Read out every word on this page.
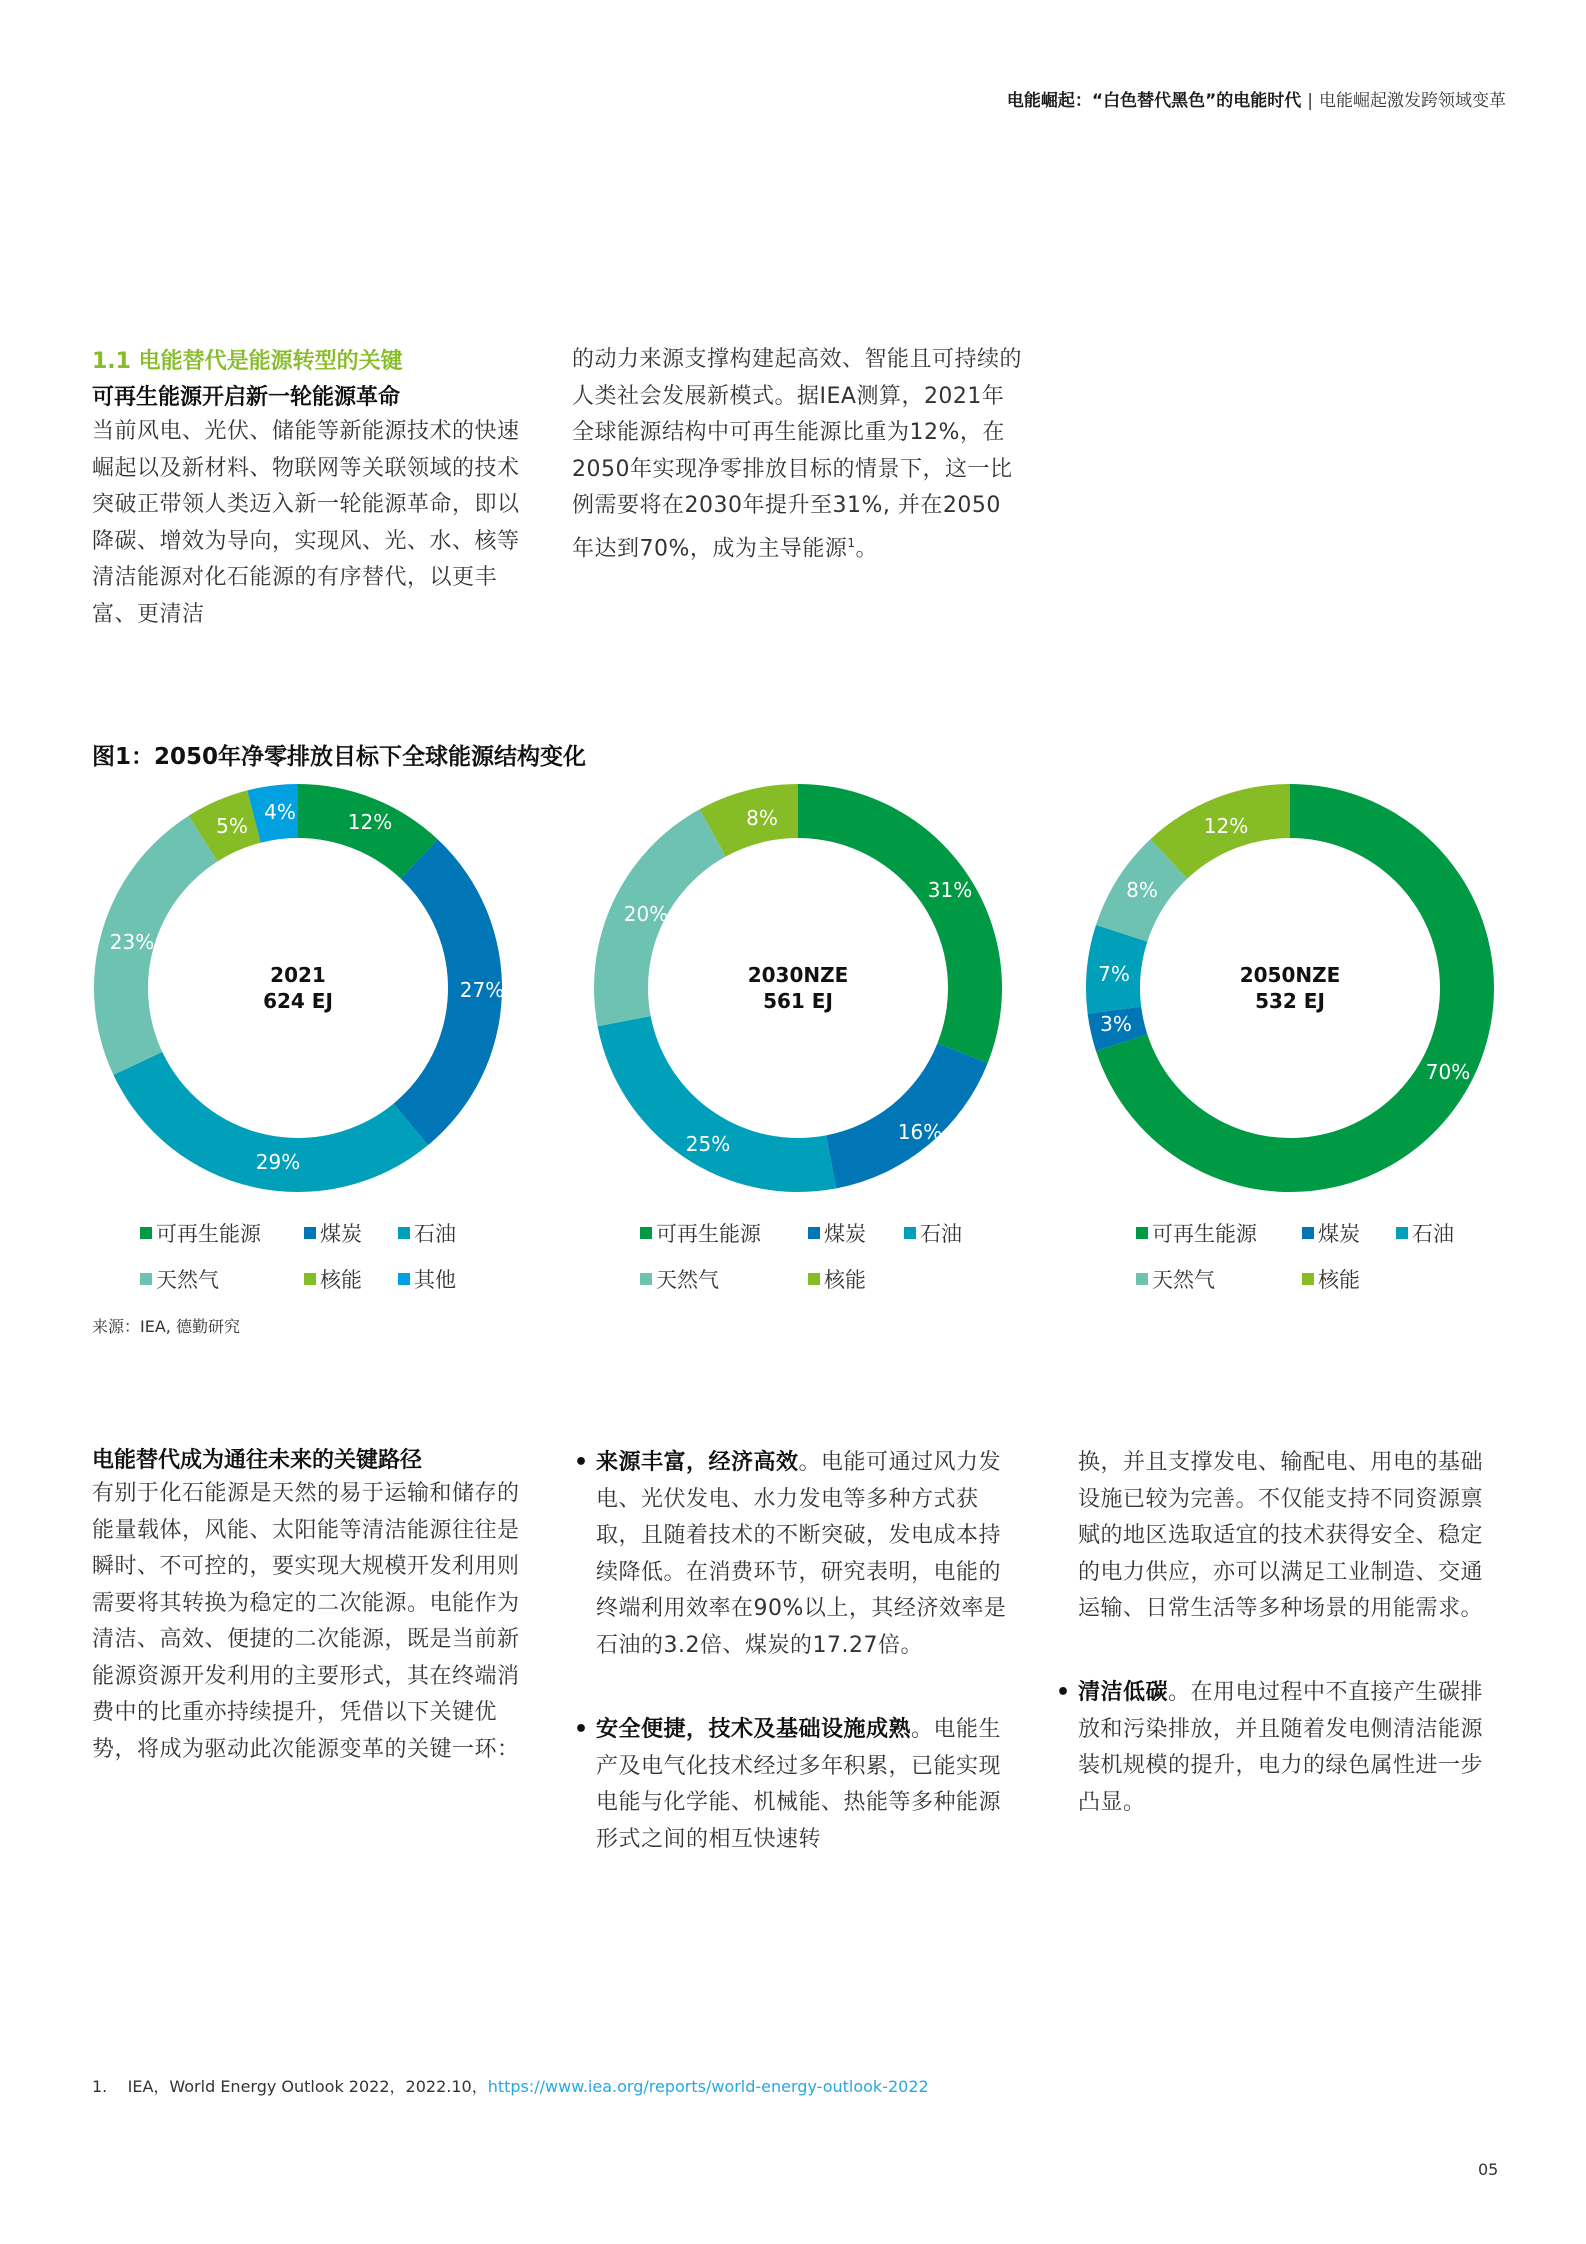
电能崛起：“白色替代黑色”的电能时代 | 电能崛起激发跨领域变革
1.1 电能替代是能源转型的关键
可再生能源开启新一轮能源革命
当前风电、光伏、储能等新能源技术的快速崛起以及新材料、物联网等关联领域的技术突破正带领人类迈入新一轮能源革命，即以降碳、增效为导向，实现风、光、水、核等清洁能源对化石能源的有序替代，以更丰富、更清洁
的动力来源支撑构建起高效、智能且可持续的人类社会发展新模式。据IEA测算，2021年全球能源结构中可再生能源比重为12%，在2050年实现净零排放目标的情景下，这一比例需要将在2030年提升至31%, 并在2050年达到70%，成为主导能源$^1$。
图1：2050年净零排放目标下全球能源结构变化
2021
624 EJ
12%
27%
29%
23%
5%
4%
2030NZE
561 EJ
31%
16%
25%
20%
8%
2050NZE
532 EJ
70%
3%
7%
8%
12%
可再生能源	煤炭 石油
天然气	核能 其他
可再生能源	煤炭	石油
天然气	核能
可再生能源	煤炭 石油
天然气	核能
来源：IEA, 德勤研究
电能替代成为通往未来的关键路径
有别于化石能源是天然的易于运输和储存的能量载体，风能、太阳能等清洁能源往往是瞬时、不可控的，要实现大规模开发利用则需要将其转换为稳定的二次能源。电能作为清洁、高效、便捷的二次能源，既是当前新能源资源开发利用的主要形式，其在终端消费中的比重亦持续提升，凭借以下关键优势，将成为驱动此次能源变革的关键一环：
• 来源丰富，经济高效。电能可通过风力发电、光伏发电、水力发电等多种方式获取，且随着技术的不断突破，发电成本持续降低。在消费环节，研究表明，电能的终端利用效率在90%以上，其经济效率是石油的3.2倍、煤炭的17.27倍。
• 安全便捷，技术及基础设施成熟。电能生产及电气化技术经过多年积累，已能实现电能与化学能、机械能、热能等多种能源形式之间的相互快速转
换，并且支撑发电、输配电、用电的基础设施已较为完善。不仅能支持不同资源禀赋的地区选取适宜的技术获得安全、稳定的电力供应，亦可以满足工业制造、交通运输、日常生活等多种场景的用能需求。
• 清洁低碳。在用电过程中不直接产生碳排放和污染排放，并且随着发电侧清洁能源装机规模的提升，电力的绿色属性进一步凸显。
1. IEA，World Energy Outlook 2022，2022.10，https://www.iea.org/reports/world-energy-outlook-2022
05
